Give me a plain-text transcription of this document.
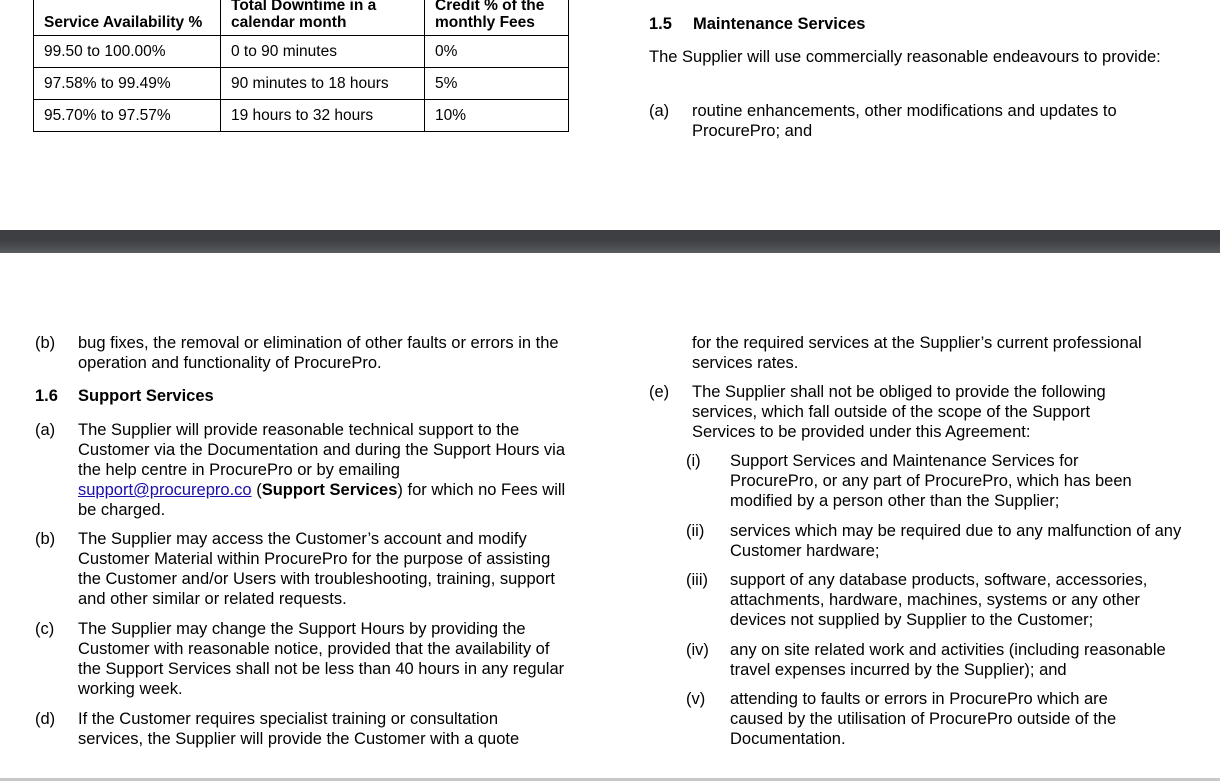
Service Availability %	Total Downtime in a calendar month	Credit % of the monthly Fees
99.50 to 100.00%	0 to 90 minutes	0%
97.58% to 99.49%	90 minutes to 18 hours	5%
95.70% to 97.57%	19 hours to 32 hours	10%
1.5 Maintenance Services
The Supplier will use commercially reasonable endeavours to provide:
(a) routine enhancements, other modifications and updates to ProcurePro; and
(b) bug fixes, the removal or elimination of other faults or errors in the operation and functionality of ProcurePro.
1.6 Support Services
(a) The Supplier will provide reasonable technical support to the Customer via the Documentation and during the Support Hours via the help centre in ProcurePro or by emailing support@procurepro.co (Support Services) for which no Fees will be charged.
(b) The Supplier may access the Customer’s account and modify Customer Material within ProcurePro for the purpose of assisting the Customer and/or Users with troubleshooting, training, support and other similar or related requests.
(c) The Supplier may change the Support Hours by providing the Customer with reasonable notice, provided that the availability of the Support Services shall not be less than 40 hours in any regular working week.
(d) If the Customer requires specialist training or consultation services, the Supplier will provide the Customer with a quote
for the required services at the Supplier’s current professional services rates.
(e) The Supplier shall not be obliged to provide the following services, which fall outside of the scope of the Support Services to be provided under this Agreement:
(i) Support Services and Maintenance Services for ProcurePro, or any part of ProcurePro, which has been modified by a person other than the Supplier;
(ii) services which may be required due to any malfunction of any Customer hardware;
(iii) support of any database products, software, accessories, attachments, hardware, machines, systems or any other devices not supplied by Supplier to the Customer;
(iv) any on site related work and activities (including reasonable travel expenses incurred by the Supplier); and
(v) attending to faults or errors in ProcurePro which are caused by the utilisation of ProcurePro outside of the Documentation.
